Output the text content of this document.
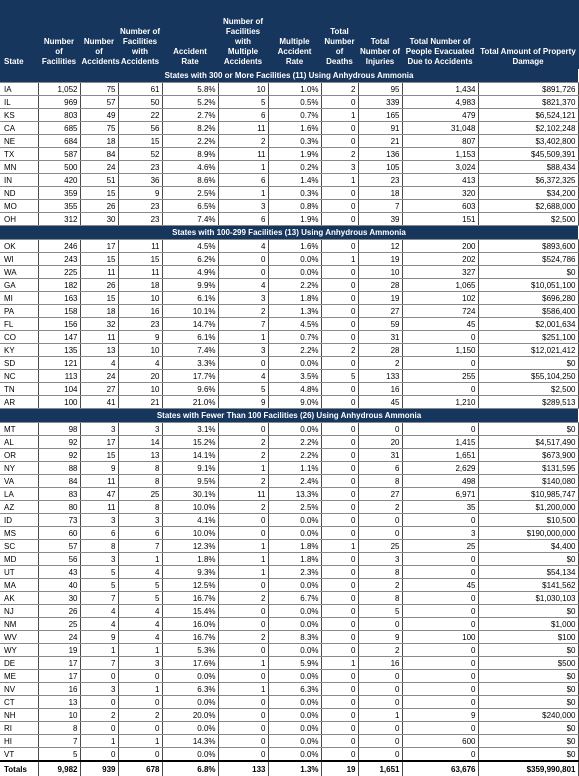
State	Number of Facilities	Number of Accidents	Number of Facilities with Accidents	Accident Rate	Number of Facilities with Multiple Accidents	Multiple Accident Rate	Total Number of Deaths	Total Number of Injuries	Total Number of People Evacuated Due to Accidents	Total Amount of Property Damage
States with 300 or More Facilities (11) Using Anhydrous Ammonia										
IA	1,052	75	61	5.8%	10	1.0%	2	95	1,434	$891,726
IL	969	57	50	5.2%	5	0.5%	0	339	4,983	$821,370
KS	803	49	22	2.7%	6	0.7%	1	165	479	$6,524,121
CA	685	75	56	8.2%	11	1.6%	0	91	31,048	$2,102,248
NE	684	18	15	2.2%	2	0.3%	0	21	807	$3,402,800
TX	587	84	52	8.9%	11	1.9%	2	136	1,153	$45,509,391
MN	500	24	23	4.6%	1	0.2%	3	105	3,024	$88,434
IN	420	51	36	8.6%	6	1.4%	1	23	413	$6,372,325
ND	359	15	9	2.5%	1	0.3%	0	18	320	$34,200
MO	355	26	23	6.5%	3	0.8%	0	7	603	$2,688,000
OH	312	30	23	7.4%	6	1.9%	0	39	151	$2,500
States with 100-299 Facilities (13) Using Anhydrous Ammonia										
OK	246	17	11	4.5%	4	1.6%	0	12	200	$893,600
WI	243	15	15	6.2%	0	0.0%	1	19	202	$524,786
WA	225	11	11	4.9%	0	0.0%	0	10	327	$0
GA	182	26	18	9.9%	4	2.2%	0	28	1,065	$10,051,100
MI	163	15	10	6.1%	3	1.8%	0	19	102	$696,280
PA	158	18	16	10.1%	2	1.3%	0	27	724	$586,400
FL	156	32	23	14.7%	7	4.5%	0	59	45	$2,001,634
CO	147	11	9	6.1%	1	0.7%	0	31	0	$251,100
KY	135	13	10	7.4%	3	2.2%	2	28	1,150	$12,021,412
SD	121	4	4	3.3%	0	0.0%	0	2	0	$0
NC	113	24	20	17.7%	4	3.5%	5	133	255	$55,104,250
TN	104	27	10	9.6%	5	4.8%	0	16	0	$2,500
AR	100	41	21	21.0%	9	9.0%	0	45	1,210	$289,513
States with Fewer Than 100 Facilities (26) Using Anhydrous Ammonia										
MT	98	3	3	3.1%	0	0.0%	0	0	0	$0
AL	92	17	14	15.2%	2	2.2%	0	20	1,415	$4,517,490
OR	92	15	13	14.1%	2	2.2%	0	31	1,651	$673,900
NY	88	9	8	9.1%	1	1.1%	0	6	2,629	$131,595
VA	84	11	8	9.5%	2	2.4%	0	8	498	$140,080
LA	83	47	25	30.1%	11	13.3%	0	27	6,971	$10,985,747
AZ	80	11	8	10.0%	2	2.5%	0	2	35	$1,200,000
ID	73	3	3	4.1%	0	0.0%	0	0	0	$10,500
MS	60	6	6	10.0%	0	0.0%	0	0	3	$190,000,000
SC	57	8	7	12.3%	1	1.8%	1	25	25	$4,400
MD	56	3	1	1.8%	1	1.8%	0	3	0	$0
UT	43	5	4	9.3%	1	2.3%	0	8	0	$54,134
MA	40	5	5	12.5%	0	0.0%	0	2	45	$141,562
AK	30	7	5	16.7%	2	6.7%	0	8	0	$1,030,103
NJ	26	4	4	15.4%	0	0.0%	0	5	0	$0
NM	25	4	4	16.0%	0	0.0%	0	0	0	$1,000
WV	24	9	4	16.7%	2	8.3%	0	9	100	$100
WY	19	1	1	5.3%	0	0.0%	0	2	0	$0
DE	17	7	3	17.6%	1	5.9%	1	16	0	$500
ME	17	0	0	0.0%	0	0.0%	0	0	0	$0
NV	16	3	1	6.3%	1	6.3%	0	0	0	$0
CT	13	0	0	0.0%	0	0.0%	0	0	0	$0
NH	10	2	2	20.0%	0	0.0%	0	1	9	$240,000
RI	8	0	0	0.0%	0	0.0%	0	0	0	$0
HI	7	1	1	14.3%	0	0.0%	0	0	600	$0
VT	5	0	0	0.0%	0	0.0%	0	0	0	$0
Totals	9,982	939	678	6.8%	133	1.3%	19	1,651	63,676	$359,990,801
